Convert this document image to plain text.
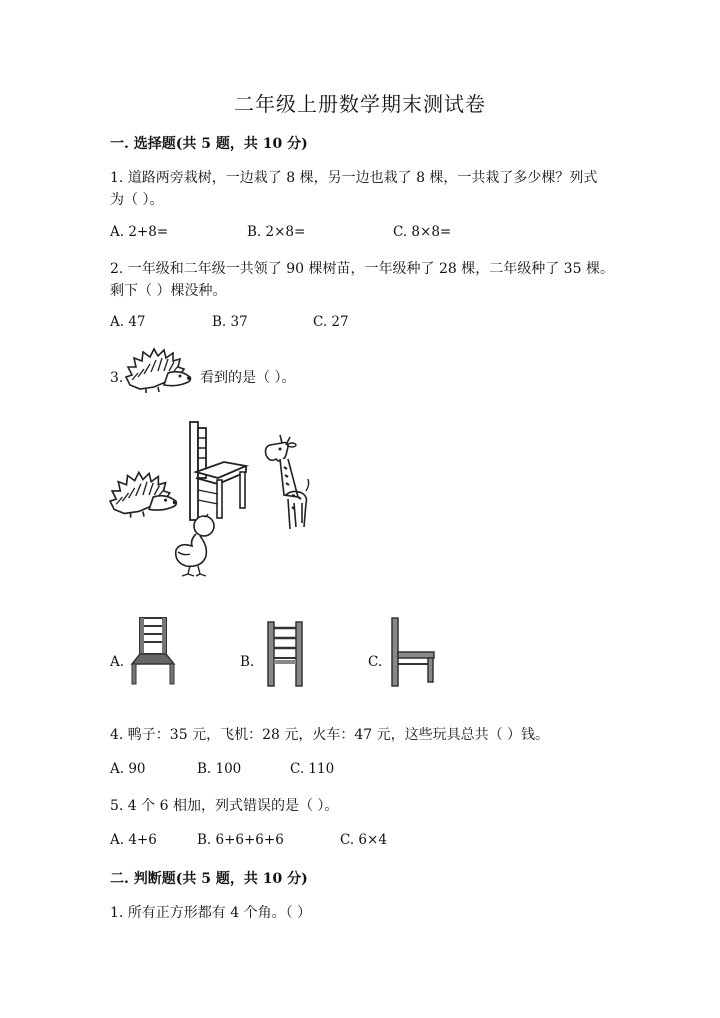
二年级上册数学期末测试卷
一. 选择题(共 5 题，共 10 分)
1. 道路两旁栽树，一边栽了 8 棵，另一边也栽了 8 棵，一共栽了多少棵？列式
为（ ）。
A. 2+8=	B. 2×8=	C. 8×8=
2. 一年级和二年级一共领了 90 棵树苗，一年级种了 28 棵，二年级种了 35 棵。
剩下（ ）棵没种。
A. 47	B. 37	C. 27
3.	看到的是（ ）。
A.	B.	C.
4. 鸭子：35 元，飞机：28 元，火车：47 元，这些玩具总共（ ）钱。
A. 90	B. 100	C. 110
5. 4 个 6 相加，列式错误的是（ ）。
A. 4+6	B. 6+6+6+6	C. 6×4
二. 判断题(共 5 题，共 10 分)
1. 所有正方形都有 4 个角。（ ）
